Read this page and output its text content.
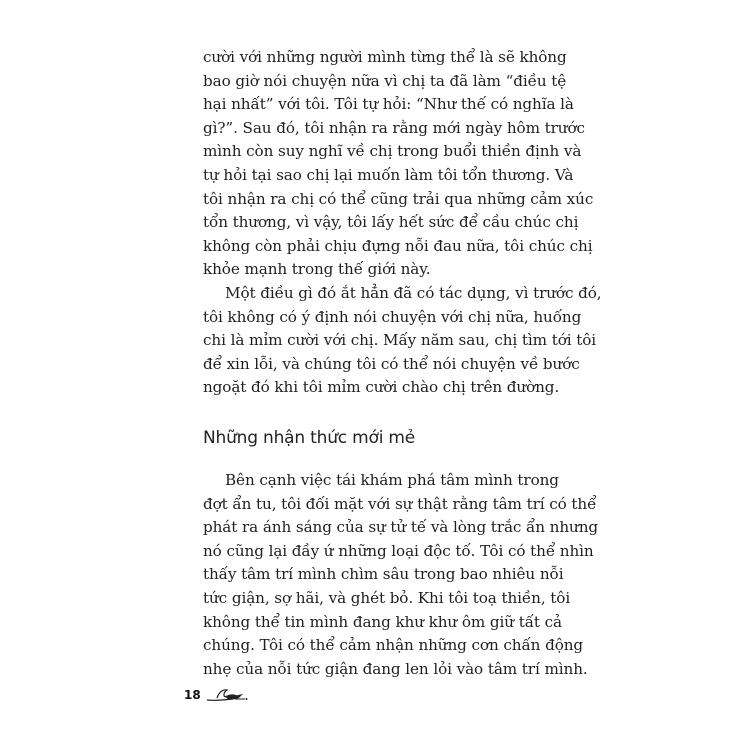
cười với những người mình từng thể là sẽ không
bao giờ nói chuyện nữa vì chị ta đã làm “điều tệ
hại nhất” với tôi. Tôi tự hỏi: “Như thế có nghĩa là
gì?”. Sau đó, tôi nhận ra rằng mới ngày hôm trước
mình còn suy nghĩ về chị trong buổi thiền định và
tự hỏi tại sao chị lại muốn làm tôi tổn thương. Và
tôi nhận ra chị có thể cũng trải qua những cảm xúc
tổn thương, vì vậy, tôi lấy hết sức để cầu chúc chị
không còn phải chịu đựng nỗi đau nữa, tôi chúc chị
khỏe mạnh trong thế giới này.
Một điều gì đó ắt hẳn đã có tác dụng, vì trước đó,
tôi không có ý định nói chuyện với chị nữa, huống
chi là mỉm cười với chị. Mấy năm sau, chị tìm tới tôi
để xin lỗi, và chúng tôi có thể nói chuyện về bước
ngoặt đó khi tôi mỉm cười chào chị trên đường.
Những nhận thức mới mẻ
Bên cạnh việc tái khám phá tâm mình trong
đợt ẩn tu, tôi đối mặt với sự thật rằng tâm trí có thể
phát ra ánh sáng của sự tử tế và lòng trắc ẩn nhưng
nó cũng lại đầy ứ những loại độc tố. Tôi có thể nhìn
thấy tâm trí mình chìm sâu trong bao nhiêu nỗi
tức giận, sợ hãi, và ghét bỏ. Khi tôi toạ thiền, tôi
không thể tin mình đang khư khư ôm giữ tất cả
chúng. Tôi có thể cảm nhận những cơn chấn động
nhẹ của nỗi tức giận đang len lỏi vào tâm trí mình.
18
